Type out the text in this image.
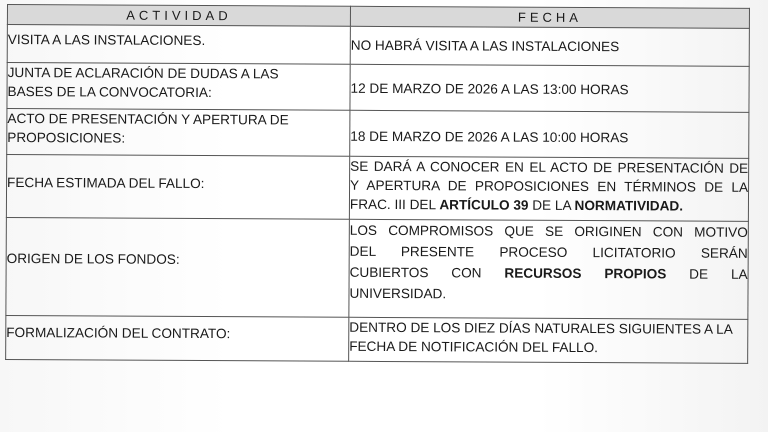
ACTIVIDAD	FECHA

VISITA A LAS INSTALACIONES.	NO HABRÁ VISITA A LAS INSTALACIONES

JUNTA DE ACLARACIÓN DE DUDAS A LAS
BASES DE LA CONVOCATORIA:	12 DE MARZO DE 2026 A LAS 13:00 HORAS

ACTO DE PRESENTACIÓN Y APERTURA DE
PROPOSICIONES:	18 DE MARZO DE 2026 A LAS 10:00 HORAS

FECHA ESTIMADA DEL FALLO:	SE DARÁ A CONOCER EN EL ACTO DE PRESENTACIÓN DE
Y APERTURA DE PROPOSICIONES EN TÉRMINOS DE LA
FRAC. III DEL ARTÍCULO 39 DE LA NORMATIVIDAD.

ORIGEN DE LOS FONDOS:	LOS COMPROMISOS QUE SE ORIGINEN CON MOTIVO
DEL PRESENTE PROCESO LICITATORIO SERÁN
CUBIERTOS CON RECURSOS PROPIOS DE LA
UNIVERSIDAD.

FORMALIZACIÓN DEL CONTRATO:	DENTRO DE LOS DIEZ DÍAS NATURALES SIGUIENTES A LA
FECHA DE NOTIFICACIÓN DEL FALLO.
